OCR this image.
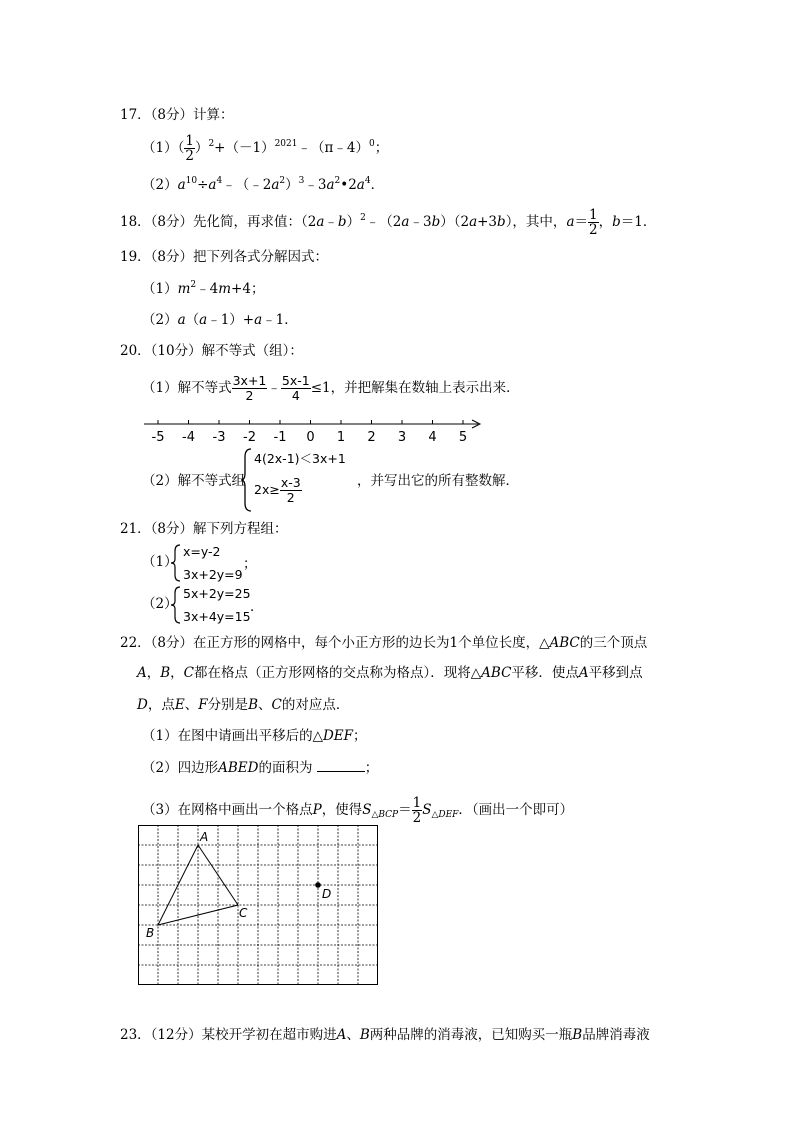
17．（8分）计算：
$(1)( \frac{1}{2}$ ）$^2+(-1)^{2021}﹣(\pi﹣4)^0$；
$(2)a^{10}\div a^4﹣(﹣2a^2)^3﹣3a^2•2a^4$．
18．（8分）先化简，再求值：（2a﹣b）$^2$﹣（2a﹣3b）（2a+3b），其中，$a= \frac{1}{2}$ ，b＝1．
19．（8分）把下列各式分解因式：
$(1)m^2﹣4m+4$；
（2）a（a﹣1）+a﹣1．
20．（10分）解不等式（组）：
（1）解不等式 $\frac{3x+1}{2}$ ﹣ $\frac{5x-1}{4} \le 1$，并把解集在数轴上表示出来．
-5 -4 -3 -2 -1 0 1 2 3 4 5
（2）解不等式组
4(2x-1)＜3x+1
$2x\ge \frac{x-3}{2}$	，并写出它的所有整数解．
21．（8分）解下列方程组：
（1）
x=y-2
3x+2y=9
；
（2）
5x+2y=25
3x+4y=15
．
22．（8分）在正方形的网格中，每个小正方形的边长为1个单位长度，△ABC的三个顶点
A，B，C都在格点（正方形网格的交点称为格点）．现将△ABC平移．使点A平移到点
D，点E、F分别是B、C的对应点．
（1）在图中请画出平移后的△DEF；
（2）四边形ABED的面积为	；
（3）在网格中画出一个格点P，使得$S_{\triangle BCP}= \frac{1}{2} S_{\triangle DEF}$．（画出一个即可）
A
B
C
D
23．（12分）某校开学初在超市购进A、B两种品牌的消毒液，已知购买一瓶B品牌消毒液
